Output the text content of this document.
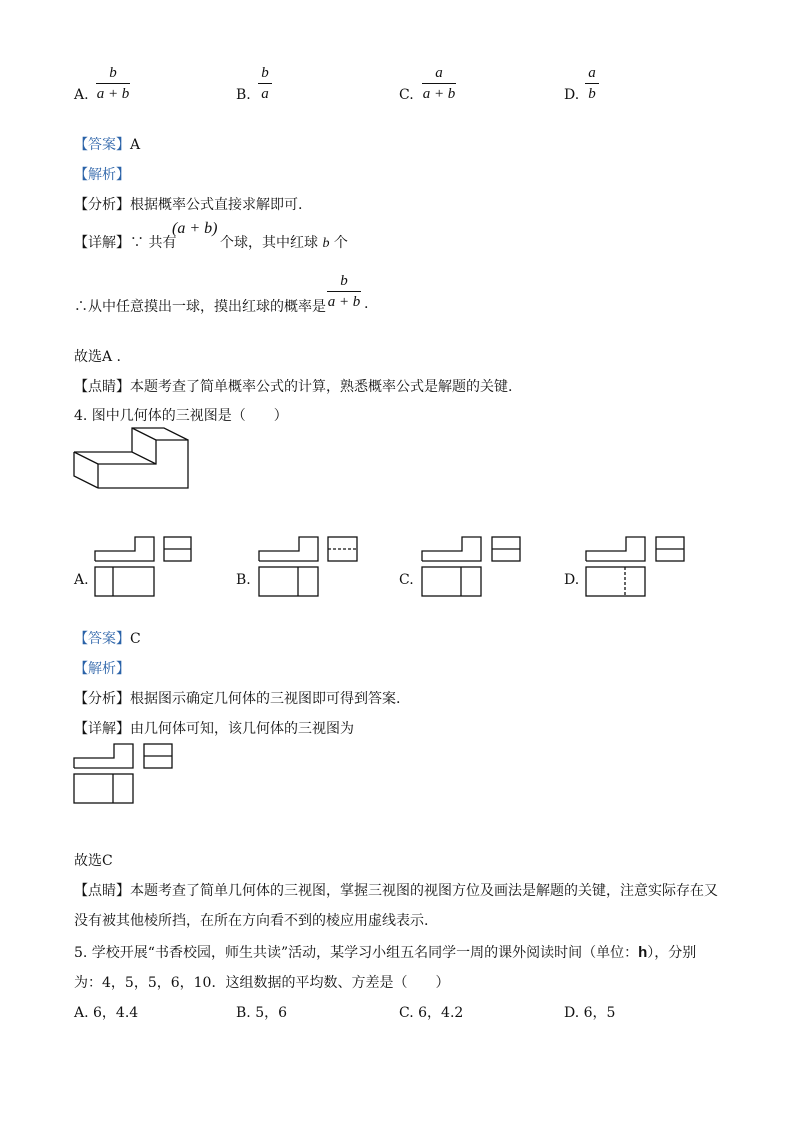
A.
b
a + b	B.
b
a	C.
a
a + b	D.
a
b
【答案】A
【解析】
【分析】根据概率公式直接求解即可.
【详解】∵ 共有
(a + b)
个球，其中红球 b 个
∴从中任意摸出一球，摸出红球的概率是
b
a + b .
故选A .
【点睛】本题考查了简单概率公式的计算，熟悉概率公式是解题的关键.
4. 图中几何体的三视图是（　　）
A.	B.	C.	D.
【答案】C
【解析】
【分析】根据图示确定几何体的三视图即可得到答案.
【详解】由几何体可知，该几何体的三视图为
故选C
【点睛】本题考查了简单几何体的三视图，掌握三视图的视图方位及画法是解题的关键，注意实际存在又
没有被其他棱所挡，在所在方向看不到的棱应用虚线表示.
5. 学校开展“书香校园，师生共读”活动，某学习小组五名同学一周的课外阅读时间（单位：h），分别
为：4，5，5，6，10．这组数据的平均数、方差是（　　）
A. 6，4.4	B. 5，6	C. 6，4.2	D. 6，5
